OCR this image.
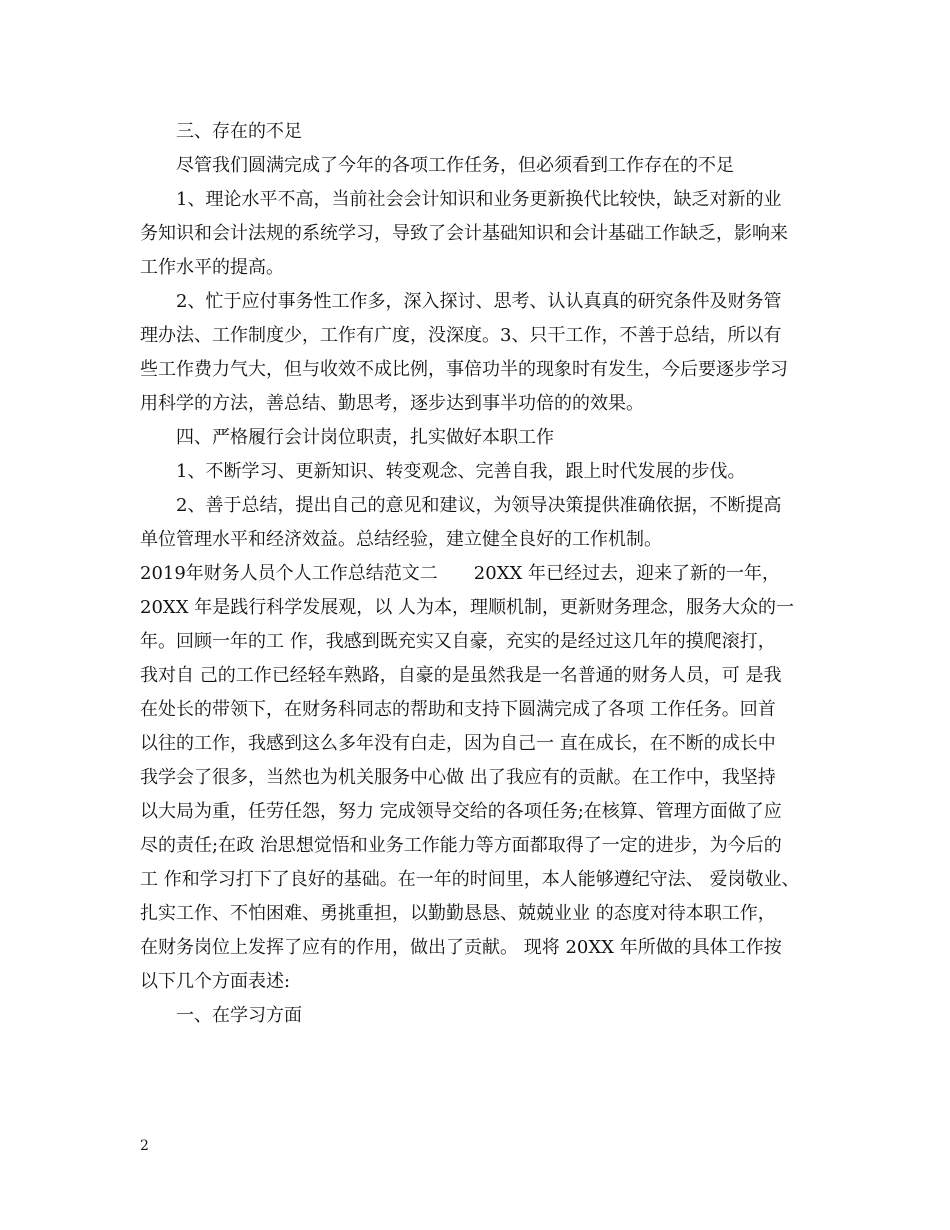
三、存在的不足
尽管我们圆满完成了今年的各项工作任务，但必须看到工作存在的不足
1、理论水平不高，当前社会会计知识和业务更新换代比较快，缺乏对新的业
务知识和会计法规的系统学习，导致了会计基础知识和会计基础工作缺乏，影响来
工作水平的提高。
2、忙于应付事务性工作多，深入探讨、思考、认认真真的研究条件及财务管
理办法、工作制度少，工作有广度，没深度。3、只干工作，不善于总结，所以有
些工作费力气大，但与收效不成比例，事倍功半的现象时有发生，今后要逐步学习
用科学的方法，善总结、勤思考，逐步达到事半功倍的的效果。
四、严格履行会计岗位职责，扎实做好本职工作
1、不断学习、更新知识、转变观念、完善自我，跟上时代发展的步伐。
2、善于总结，提出自己的意见和建议，为领导决策提供准确依据，不断提高
单位管理水平和经济效益。总结经验，建立健全良好的工作机制。
2019年财务人员个人工作总结范文二　　20XX 年已经过去，迎来了新的一年，
20XX 年是践行科学发展观，以 人为本，理顺机制，更新财务理念，服务大众的一
年。回顾一年的工 作，我感到既充实又自豪，充实的是经过这几年的摸爬滚打，
我对自 己的工作已经轻车熟路，自豪的是虽然我是一名普通的财务人员，可 是我
在处长的带领下，在财务科同志的帮助和支持下圆满完成了各项 工作任务。回首
以往的工作，我感到这么多年没有白走，因为自己一 直在成长，在不断的成长中
我学会了很多，当然也为机关服务中心做 出了我应有的贡献。在工作中，我坚持
以大局为重，任劳任怨，努力 完成领导交给的各项任务;在核算、管理方面做了应
尽的责任;在政 治思想觉悟和业务工作能力等方面都取得了一定的进步，为今后的
工 作和学习打下了良好的基础。在一年的时间里，本人能够遵纪守法、 爱岗敬业、
扎实工作、不怕困难、勇挑重担，以勤勤恳恳、兢兢业业 的态度对待本职工作，
在财务岗位上发挥了应有的作用，做出了贡献。 现将 20XX 年所做的具体工作按
以下几个方面表述:
一、在学习方面
2
